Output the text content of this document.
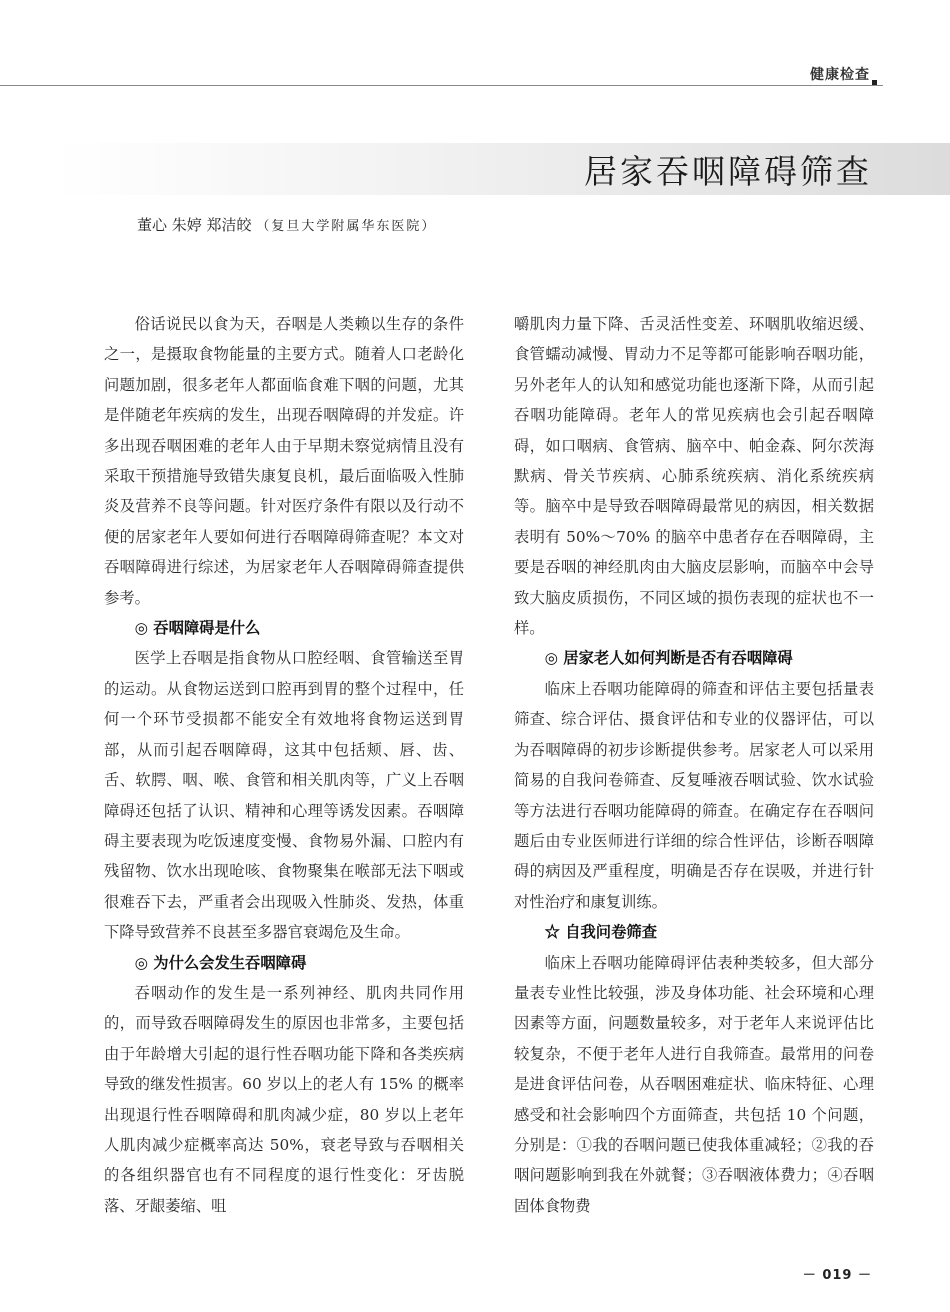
健康检查
居家吞咽障碍筛查
董心 朱婷 郑洁皎 （复旦大学附属华东医院）

俗话说民以食为天，吞咽是人类赖以生存的条件之一，是摄取食物能量的主要方式。随着人口老龄化问题加剧，很多老年人都面临食难下咽的问题，尤其是伴随老年疾病的发生，出现吞咽障碍的并发症。许多出现吞咽困难的老年人由于早期未察觉病情且没有采取干预措施导致错失康复良机，最后面临吸入性肺炎及营养不良等问题。针对医疗条件有限以及行动不便的居家老年人要如何进行吞咽障碍筛查呢？本文对吞咽障碍进行综述，为居家老年人吞咽障碍筛查提供参考。

◎ 吞咽障碍是什么

医学上吞咽是指食物从口腔经咽、食管输送至胃的运动。从食物运送到口腔再到胃的整个过程中，任何一个环节受损都不能安全有效地将食物运送到胃部，从而引起吞咽障碍，这其中包括颊、唇、齿、舌、软腭、咽、喉、食管和相关肌肉等，广义上吞咽障碍还包括了认识、精神和心理等诱发因素。吞咽障碍主要表现为吃饭速度变慢、食物易外漏、口腔内有残留物、饮水出现呛咳、食物聚集在喉部无法下咽或很难吞下去，严重者会出现吸入性肺炎、发热，体重下降导致营养不良甚至多器官衰竭危及生命。

◎ 为什么会发生吞咽障碍

吞咽动作的发生是一系列神经、肌肉共同作用的，而导致吞咽障碍发生的原因也非常多，主要包括由于年龄增大引起的退行性吞咽功能下降和各类疾病导致的继发性损害。60 岁以上的老人有 15% 的概率出现退行性吞咽障碍和肌肉减少症，80 岁以上老年人肌肉减少症概率高达 50%，衰老导致与吞咽相关的各组织器官也有不同程度的退行性变化：牙齿脱落、牙龈萎缩、咀

嚼肌肉力量下降、舌灵活性变差、环咽肌收缩迟缓、食管蠕动减慢、胃动力不足等都可能影响吞咽功能，另外老年人的认知和感觉功能也逐渐下降，从而引起吞咽功能障碍。老年人的常见疾病也会引起吞咽障碍，如口咽病、食管病、脑卒中、帕金森、阿尔茨海默病、骨关节疾病、心肺系统疾病、消化系统疾病等。脑卒中是导致吞咽障碍最常见的病因，相关数据表明有 50%～70% 的脑卒中患者存在吞咽障碍，主要是吞咽的神经肌肉由大脑皮层影响，而脑卒中会导致大脑皮质损伤，不同区域的损伤表现的症状也不一样。

◎ 居家老人如何判断是否有吞咽障碍

临床上吞咽功能障碍的筛查和评估主要包括量表筛查、综合评估、摄食评估和专业的仪器评估，可以为吞咽障碍的初步诊断提供参考。居家老人可以采用简易的自我问卷筛查、反复唾液吞咽试验、饮水试验等方法进行吞咽功能障碍的筛查。在确定存在吞咽问题后由专业医师进行详细的综合性评估，诊断吞咽障碍的病因及严重程度，明确是否存在误吸，并进行针对性治疗和康复训练。

☆ 自我问卷筛查

临床上吞咽功能障碍评估表种类较多，但大部分量表专业性比较强，涉及身体功能、社会环境和心理因素等方面，问题数量较多，对于老年人来说评估比较复杂，不便于老年人进行自我筛查。最常用的问卷是进食评估问卷，从吞咽困难症状、临床特征、心理感受和社会影响四个方面筛查，共包括 10 个问题，分别是：①我的吞咽问题已使我体重减轻；②我的吞咽问题影响到我在外就餐；③吞咽液体费力；④吞咽固体食物费

－ 019 －
